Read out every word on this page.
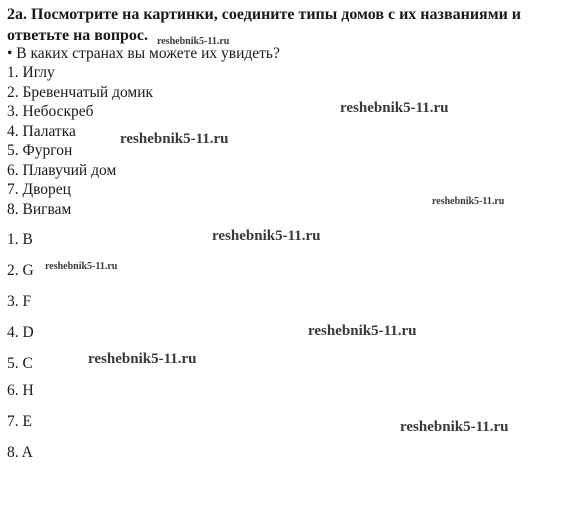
2a. Посмотрите на картинки, соедините типы домов с их названиями и ответьте на вопрос.
• В каких странах вы можете их увидеть?
1. Иглу
2. Бревенчатый домик
3. Небоскреб
4. Палатка
5. Фургон
6. Плавучий дом
7. Дворец
8. Вигвам
1. B
2. G
3. F
4. D
5. C
6. H
7. E
8. A
reshebnik5-11.ru
reshebnik5-11.ru
reshebnik5-11.ru
reshebnik5-11.ru
reshebnik5-11.ru
reshebnik5-11.ru
reshebnik5-11.ru
reshebnik5-11.ru
reshebnik5-11.ru
